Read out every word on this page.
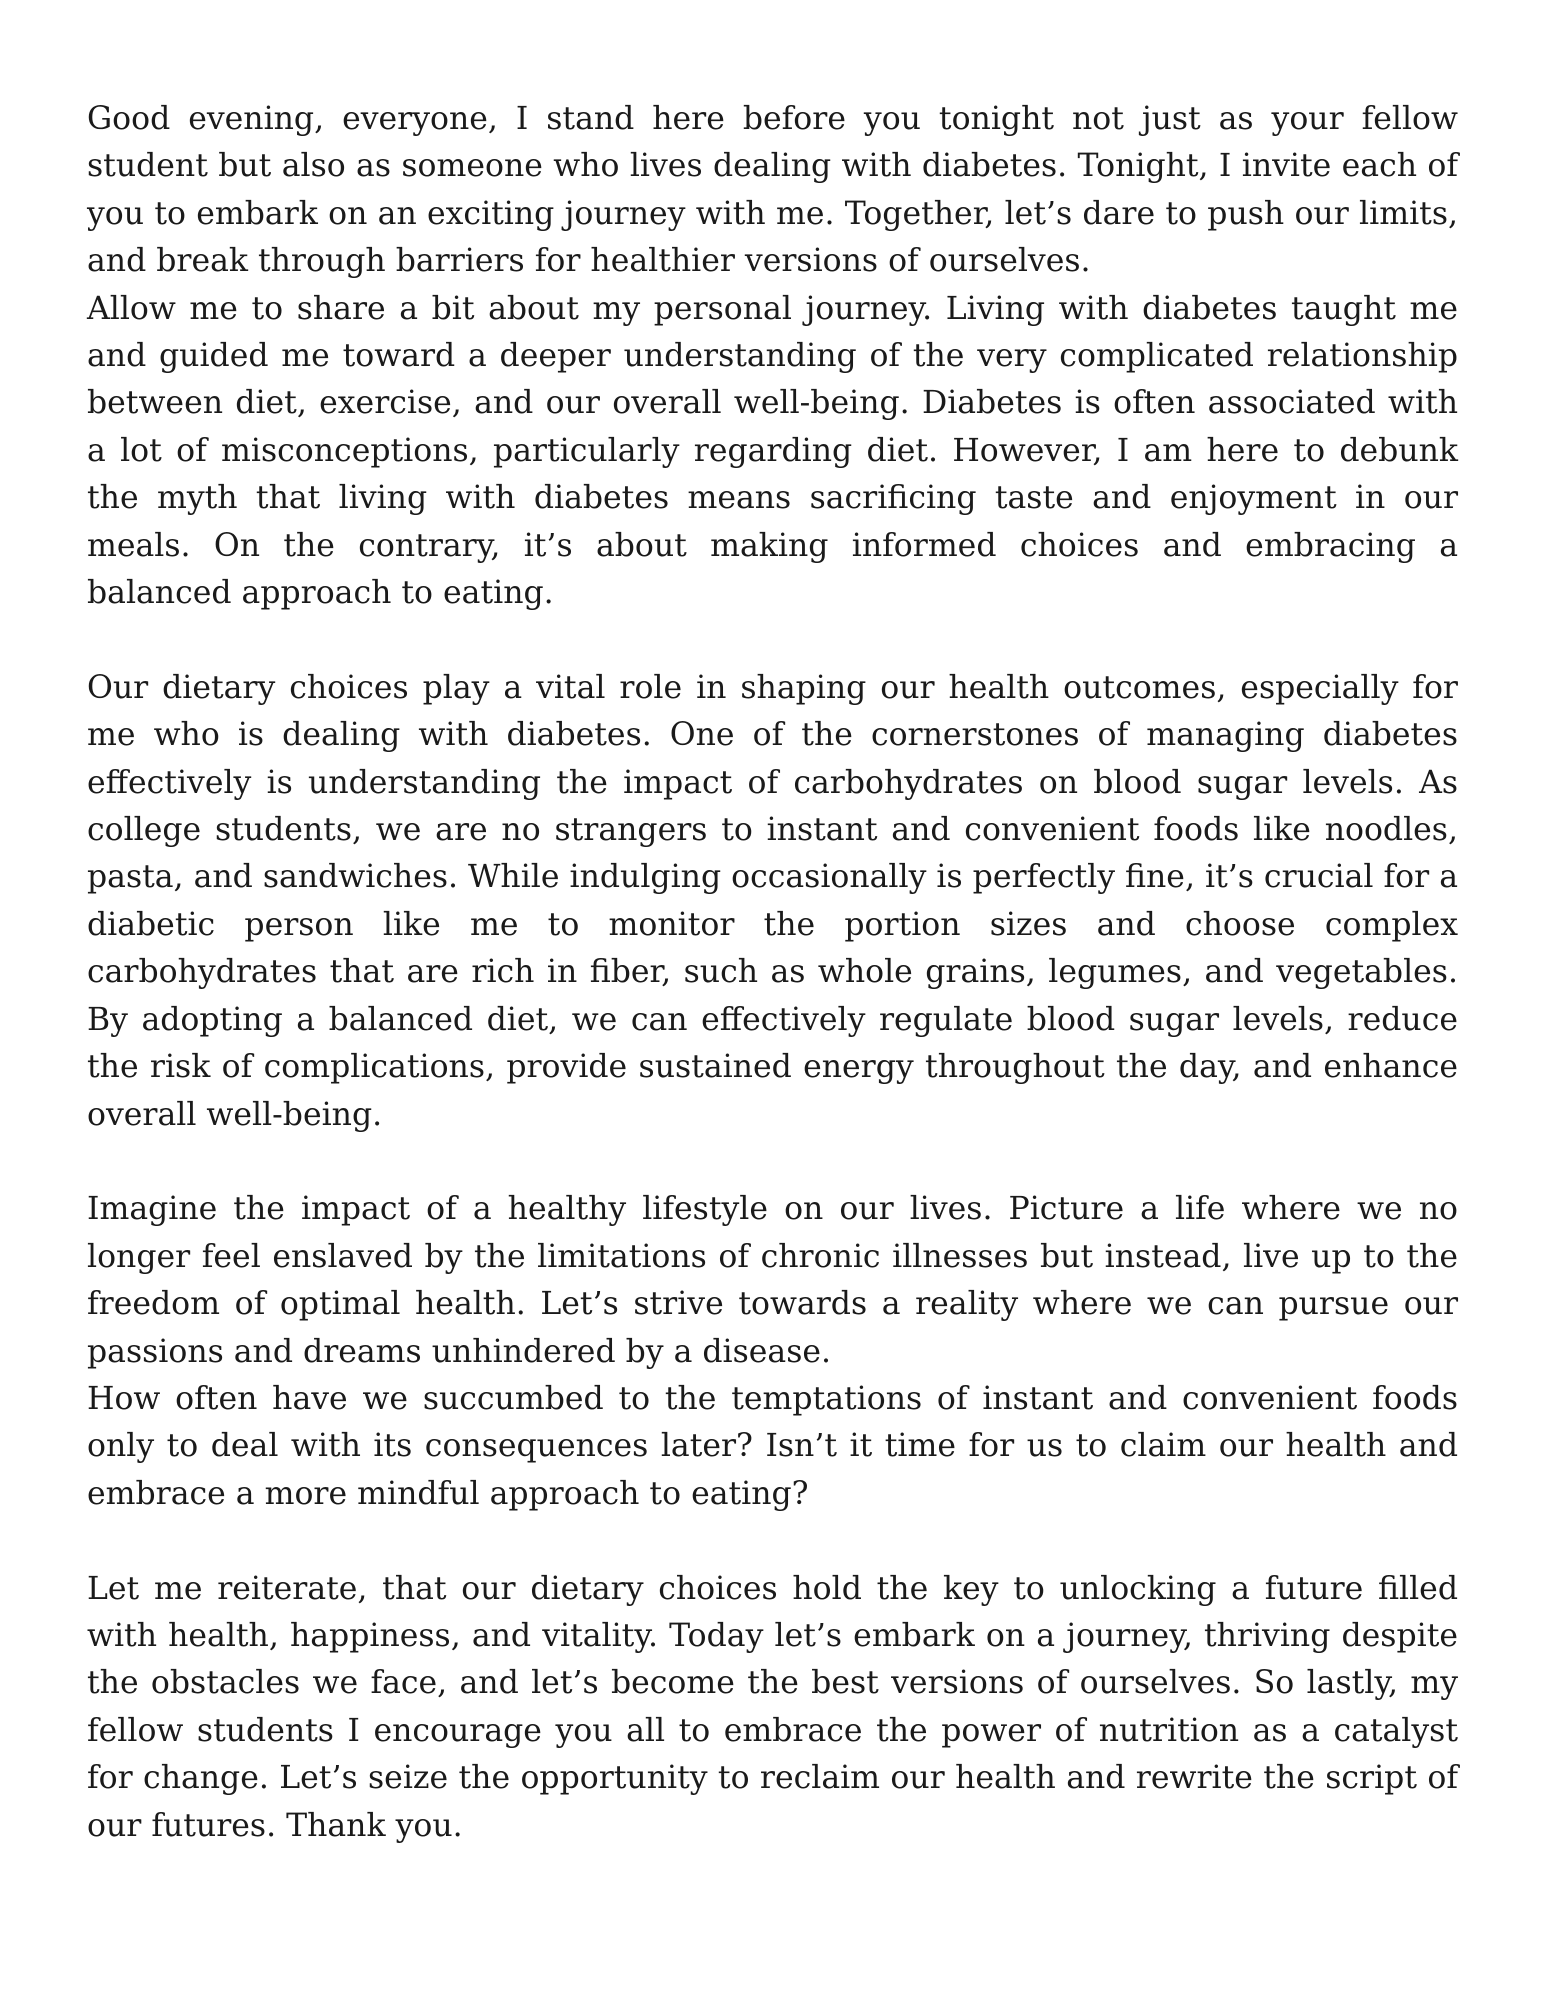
Good evening, everyone, I stand here before you tonight not just as your fellow student but also as someone who lives dealing with diabetes. Tonight, I invite each of you to embark on an exciting journey with me. Together, let’s dare to push our limits, and break through barriers for healthier versions of ourselves.

Allow me to share a bit about my personal journey. Living with diabetes taught me and guided me toward a deeper understanding of the very complicated relationship between diet, exercise, and our overall well-being. Diabetes is often associated with a lot of misconceptions, particularly regarding diet. However, I am here to debunk the myth that living with diabetes means sacrificing taste and enjoyment in our meals. On the contrary, it’s about making informed choices and embracing a balanced approach to eating.

Our dietary choices play a vital role in shaping our health outcomes, especially for me who is dealing with diabetes. One of the cornerstones of managing diabetes effectively is understanding the impact of carbohydrates on blood sugar levels. As college students, we are no strangers to instant and convenient foods like noodles, pasta, and sandwiches. While indulging occasionally is perfectly fine, it’s crucial for a diabetic person like me to monitor the portion sizes and choose complex carbohydrates that are rich in fiber, such as whole grains, legumes, and vegetables. By adopting a balanced diet, we can effectively regulate blood sugar levels, reduce the risk of complications, provide sustained energy throughout the day, and enhance overall well-being.

Imagine the impact of a healthy lifestyle on our lives. Picture a life where we no longer feel enslaved by the limitations of chronic illnesses but instead, live up to the freedom of optimal health. Let’s strive towards a reality where we can pursue our passions and dreams unhindered by a disease.

How often have we succumbed to the temptations of instant and convenient foods only to deal with its consequences later? Isn’t it time for us to claim our health and embrace a more mindful approach to eating?

Let me reiterate, that our dietary choices hold the key to unlocking a future filled with health, happiness, and vitality. Today let’s embark on a journey, thriving despite the obstacles we face, and let’s become the best versions of ourselves. So lastly, my fellow students I encourage you all to embrace the power of nutrition as a catalyst for change. Let’s seize the opportunity to reclaim our health and rewrite the script of our futures. Thank you.
